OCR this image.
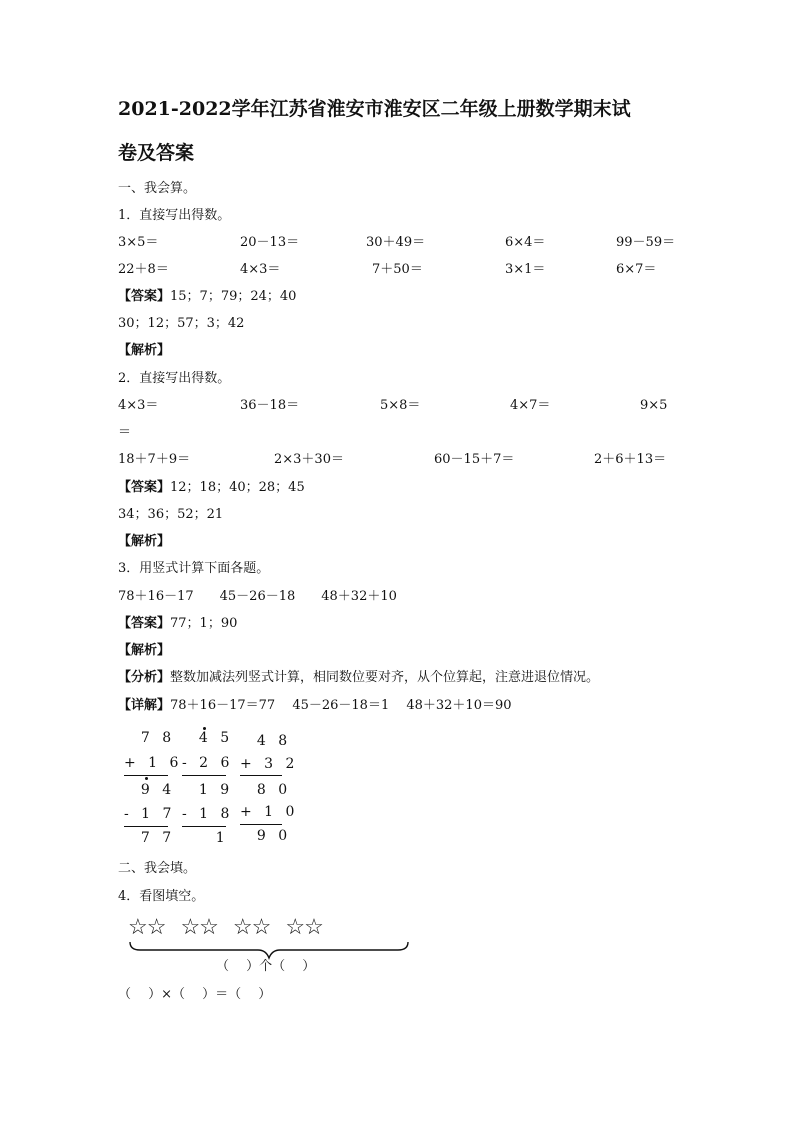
2021-2022学年江苏省淮安市淮安区二年级上册数学期末试
卷及答案
一、我会算。
1．直接写出得数。
3×5＝	20－13＝	30＋49＝	6×4＝	99－59＝
22＋8＝	4×3＝	7＋50＝	3×1＝	6×7＝
【答案】15；7；79；24；40
30；12；57；3；42
【解析】
2．直接写出得数。
4×3＝	36－18＝	5×8＝	4×7＝	9×5
＝
18＋7＋9＝	2×3＋30＝	60－15＋7＝	2＋6＋13＝
【答案】12；18；40；28；45
34；36；52；21
【解析】
3．用竖式计算下面各题。
78＋16－17　　45－26－18　　48＋32＋10
【答案】77；1；90
【解析】
【分析】整数加减法列竖式计算，相同数位要对齐，从个位算起，注意进退位情况。
【详解】78＋16－17＝77　 45－26－18＝1　 48＋32＋10＝90
7 8
+ 1 6
9 4
- 1 7
7 7
4 5
- 2 6
1 9
- 1 8
1
4 8
+ 3 2
8 0
+ 1 0
9 0
二、我会填。
4．看图填空。
☆☆ ☆☆ ☆☆ ☆☆
（　 ）个（　 ）
（　 ）×（　 ）＝（　 ）
